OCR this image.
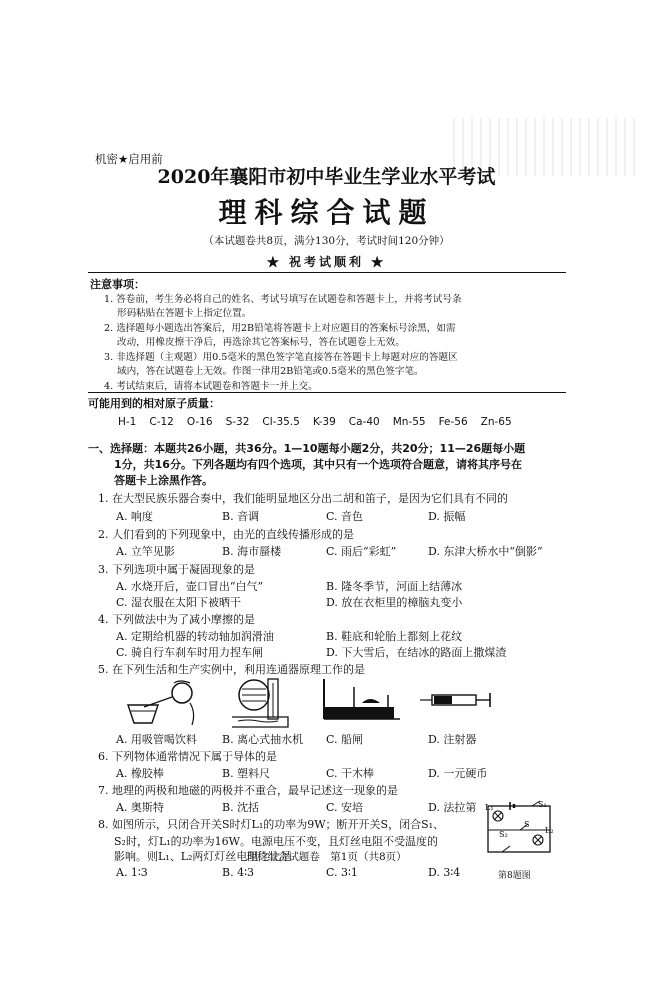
机密★启用前
2020年襄阳市初中毕业生学业水平考试
理科综合试题
（本试题卷共8页，满分130分，考试时间120分钟）
★ 祝考试顺利 ★
注意事项：
1. 答卷前，考生务必将自己的姓名、考试号填写在试题卷和答题卡上，并将考试号条
形码粘贴在答题卡上指定位置。
2. 选择题每小题选出答案后，用2B铅笔将答题卡上对应题目的答案标号涂黑，如需
改动，用橡皮擦干净后，再选涂其它答案标号，答在试题卷上无效。
3. 非选择题（主观题）用0.5毫米的黑色签字笔直接答在答题卡上每题对应的答题区
域内，答在试题卷上无效。作图一律用2B铅笔或0.5毫米的黑色签字笔。
4. 考试结束后，请将本试题卷和答题卡一并上交。
可能用到的相对原子质量：
H-1 C-12 O-16 S-32 Cl-35.5 K-39 Ca-40 Mn-55 Fe-56 Zn-65
一、选择题：本题共26小题，共36分。1—10题每小题2分，共20分；11—26题每小题
1分，共16分。下列各题均有四个选项，其中只有一个选项符合题意，请将其序号在
答题卡上涂黑作答。
1. 在大型民族乐器合奏中，我们能明显地区分出二胡和笛子，是因为它们具有不同的
A. 响度	B. 音调	C. 音色	D. 振幅
2. 人们看到的下列现象中，由光的直线传播形成的是
A. 立竿见影	B. 海市蜃楼	C. 雨后“彩虹”	D. 东津大桥水中“倒影”
3. 下列选项中属于凝固现象的是
A. 水烧开后，壶口冒出“白气”	B. 隆冬季节，河面上结薄冰
C. 湿衣服在太阳下被晒干	D. 放在衣柜里的樟脑丸变小
4. 下列做法中为了减小摩擦的是
A. 定期给机器的转动轴加润滑油	B. 鞋底和轮胎上都刻上花纹
C. 骑自行车刹车时用力捏车闸	D. 下大雪后，在结冰的路面上撒煤渣
5. 在下列生活和生产实例中，利用连通器原理工作的是
A. 用吸管喝饮料 B. 离心式抽水机 C. 船闸	D. 注射器
6. 下列物体通常情况下属于导体的是
A. 橡胶棒	B. 塑料尺	C. 干木棒	D. 一元硬币
7. 地理的两极和地磁的两极并不重合，最早记述这一现象的是
A. 奥斯特	B. 沈括	C. 安培	D. 法拉第
8. 如图所示，只闭合开关S时灯L₁的功率为9W；断开开关S，闭合S₁、
S₂时，灯L₁的功率为16W。电源电压不变，且灯丝电阻不受温度的
影响。则L₁、L₂两灯灯丝电阻之比是
A. 1∶3	B. 4∶3	C. 3∶1	D. 3∶4
L₁	S₁
S₂
S
L₂
第8题图
理科综合试题卷　第1页（共8页）
